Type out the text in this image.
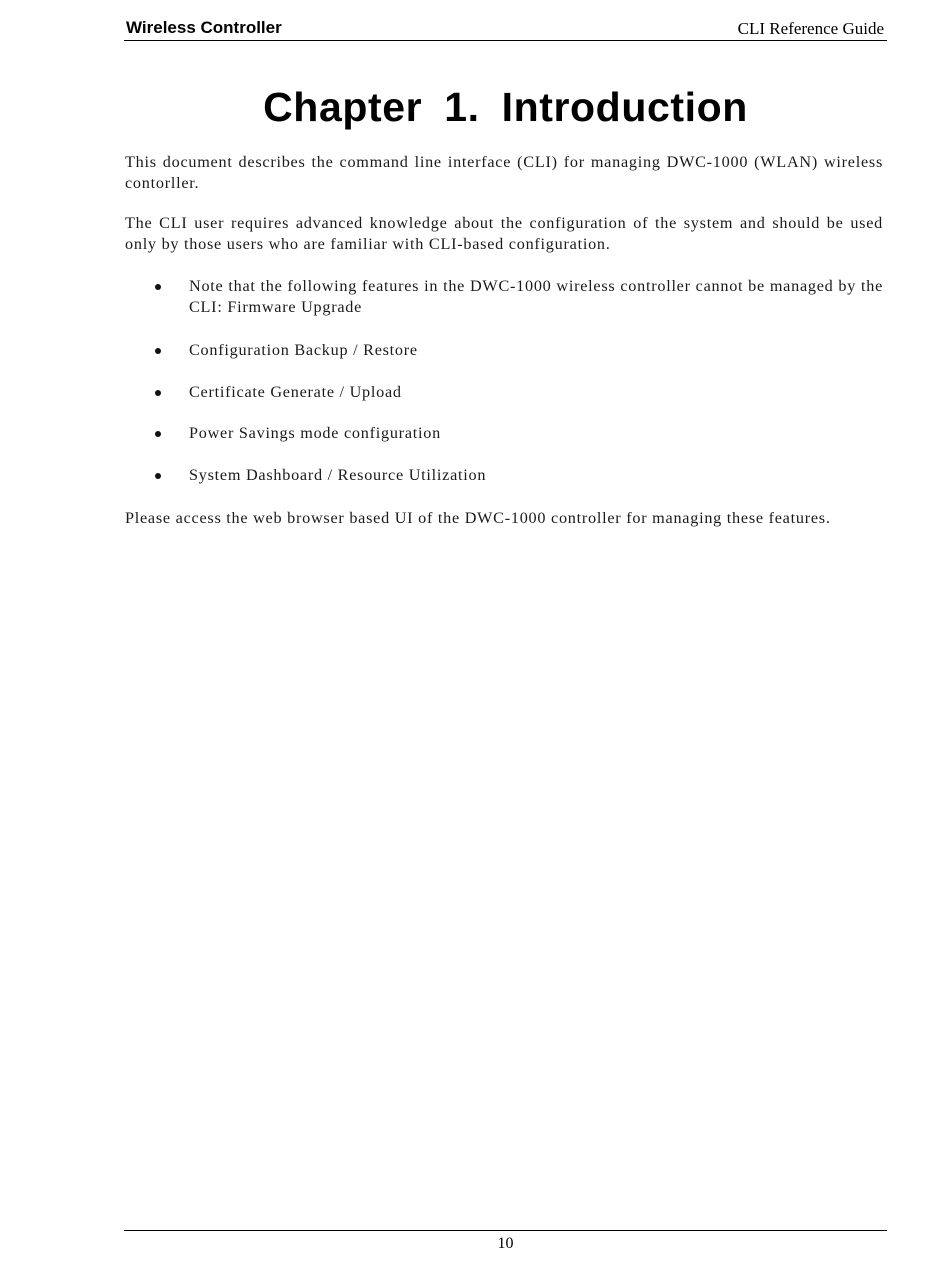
Wireless Controller	CLI Reference Guide
Chapter 1. Introduction

This document describes the command line interface (CLI) for managing DWC-1000 (WLAN) wireless contorller.

The CLI user requires advanced knowledge about the configuration of the system and should be used only by those users who are familiar with CLI-based configuration.

Note that the following features in the DWC-1000 wireless controller cannot be managed by the CLI: Firmware Upgrade
Configuration Backup / Restore
Certificate Generate / Upload
Power Savings mode configuration
System Dashboard / Resource Utilization

Please access the web browser based UI of the DWC-1000 controller for managing these features.

10
